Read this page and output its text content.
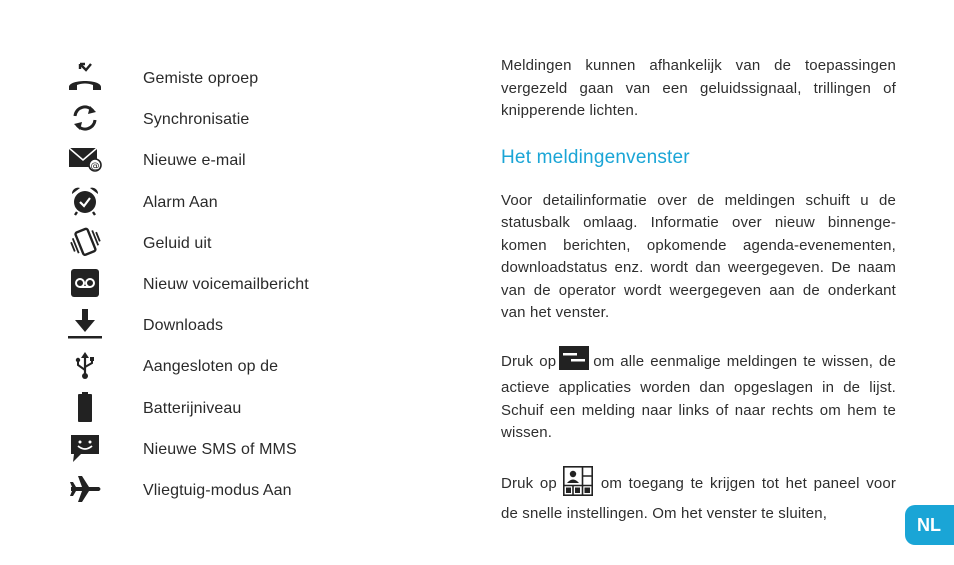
Gemiste oproep
Synchronisatie
@	Nieuwe e-mail
Alarm Aan
Geluid uit
Nieuw voicemailbericht
Downloads
Aangesloten op de
Batterijniveau
Nieuwe SMS of MMS
Vliegtuig-modus Aan

Meldingen kunnen afhankelijk van de toepassingen vergezeld gaan van een geluidssignaal, trillingen of knipperende lichten.

Het meldingenvenster

Voor detailinformatie over de meldingen schuift u de statusbalk omlaag. Informatie over nieuw binnenge-komen berichten, opkomende agenda-evenementen, downloadstatus enz. wordt dan weergegeven. De naam van de operator wordt weergegeven aan de onderkant van het venster.

Druk op om alle eenmalige meldingen te wissen, de actieve applicaties worden dan opgeslagen in de lijst. Schuif een melding naar links of naar rechts om hem te wissen.

Druk op	om toegang te krijgen tot het paneel voor de snelle instellingen. Om het venster te sluiten,

NL
